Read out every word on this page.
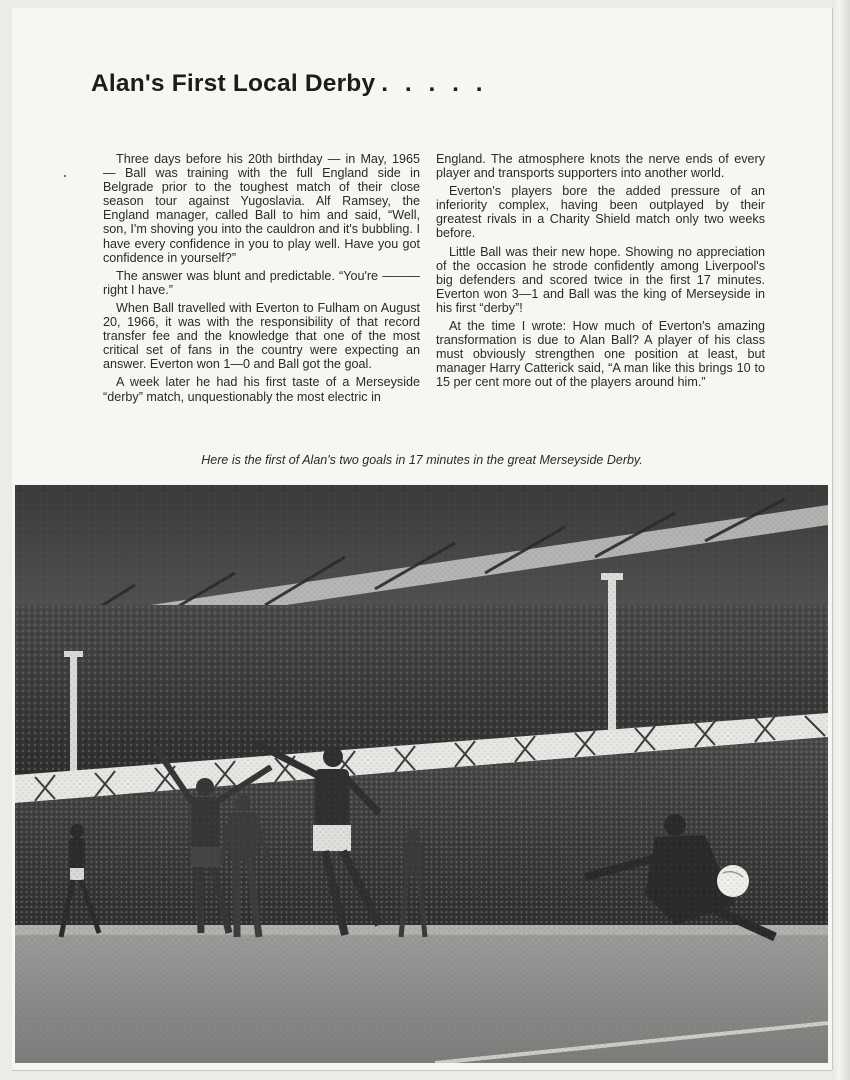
Alan's First Local Derby . . . . .

Three days before his 20th birthday — in May, 1965 — Ball was training with the full England side in Belgrade prior to the toughest match of their close season tour against Yugoslavia. Alf Ramsey, the England manager, called Ball to him and said, “Well, son, I'm shoving you into the cauldron and it's bubbling. I have every confidence in you to play well. Have you got confidence in yourself?”

The answer was blunt and predictable. “You're ——— right I have.”

When Ball travelled with Everton to Fulham on August 20, 1966, it was with the responsibility of that record transfer fee and the knowledge that one of the most critical set of fans in the country were expecting an answer. Everton won 1—0 and Ball got the goal.

A week later he had his first taste of a Merseyside “derby” match, unquestionably the most electric in

England. The atmosphere knots the nerve ends of every player and transports supporters into another world.

Everton's players bore the added pressure of an inferiority complex, having been outplayed by their greatest rivals in a Charity Shield match only two weeks before.

Little Ball was their new hope. Showing no appreciation of the occasion he strode confidently among Liverpool's big defenders and scored twice in the first 17 minutes. Everton won 3—1 and Ball was the king of Merseyside in his first “derby”!

At the time I wrote: How much of Everton's amazing transformation is due to Alan Ball? A player of his class must obviously strengthen one position at least, but manager Harry Catterick said, “A man like this brings 10 to 15 per cent more out of the players around him.”

Here is the first of Alan's two goals in 17 minutes in the great Merseyside Derby.
